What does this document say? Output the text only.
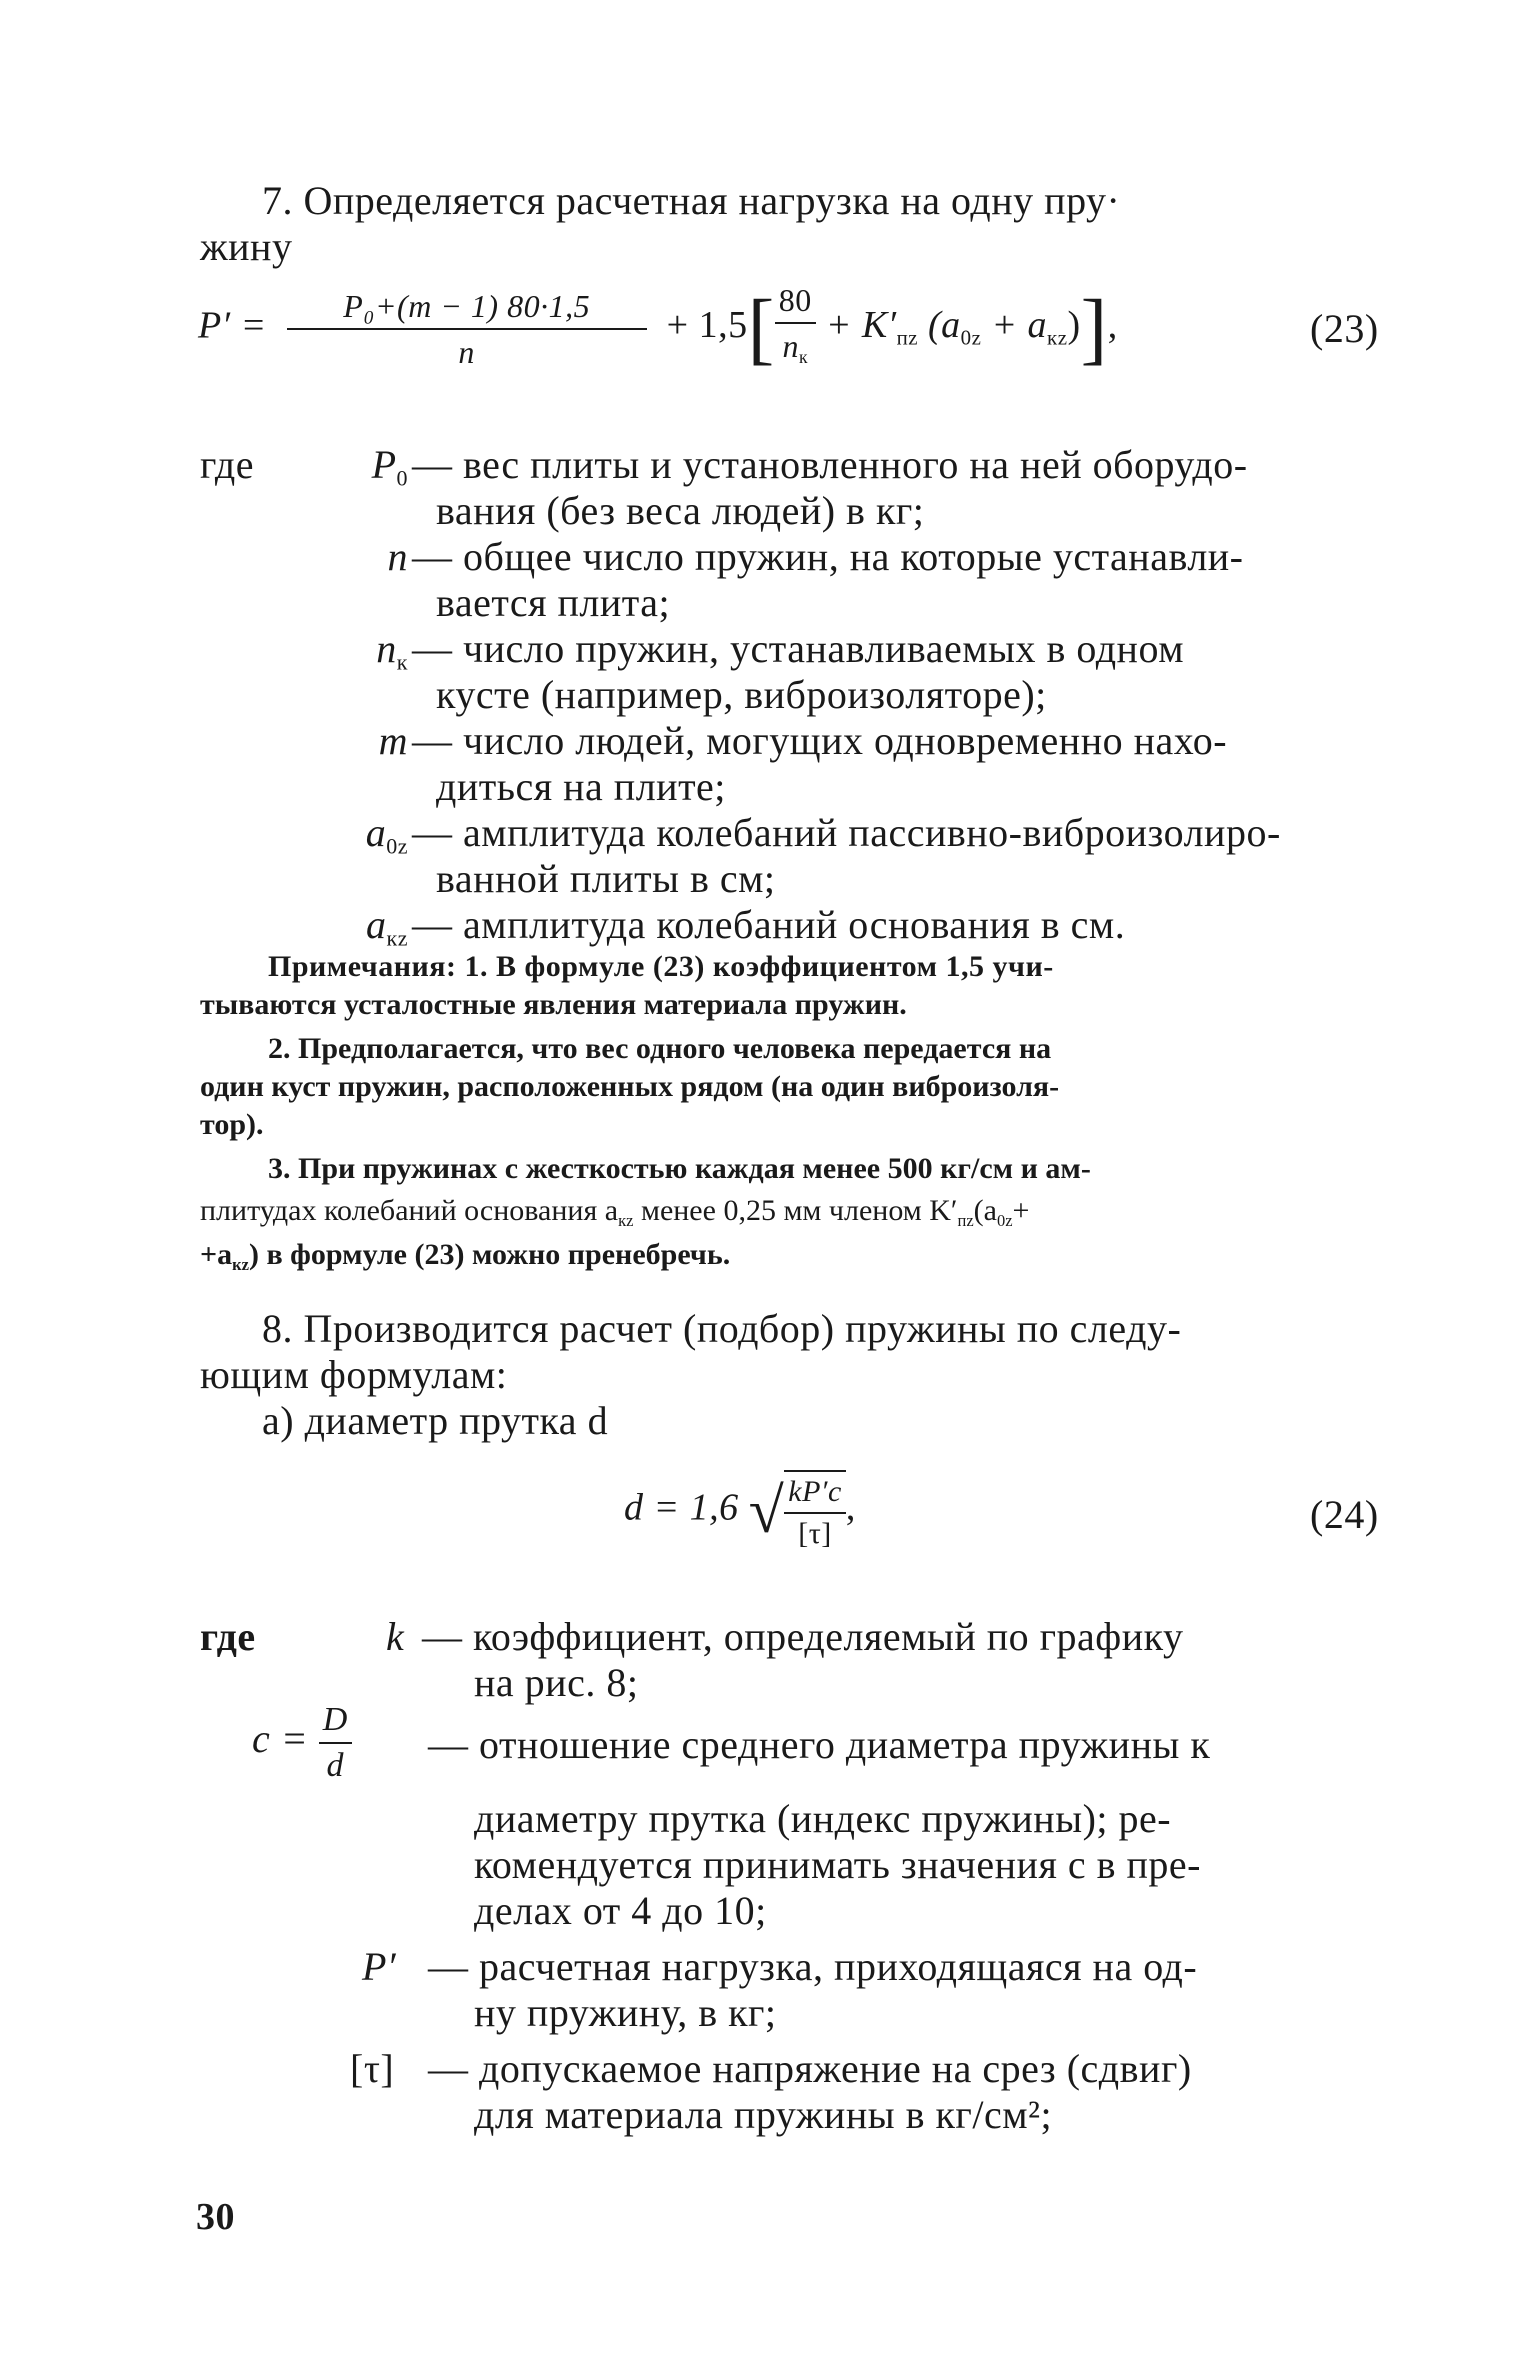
7. Определяется расчетная нагрузка на одну пру·
жину
$P' = \frac{\text{P₀+(m − 1) 80·1,5}}{n} + 1,5[ \frac{80}{n_к} + K'_{пz}$ $(a_{0z} + a_{кz})$],	(23)
где	$P_0$ — вес плиты и установленного на ней оборудо-
вания (без веса людей) в кг;
n — общее число пружин, на которые устанавли-
вается плита;
$n_к$ — число пружин, устанавливаемых в одном
кусте (например, виброизоляторе);
m — число людей, могущих одновременно нахо-
диться на плите;
$a_{0z}$ — амплитуда колебаний пассивно-виброизолиро-
ванной плиты в см;
$a_{кz}$ — амплитуда колебаний основания в см.
Примечания: 1. В формуле (23) коэффициентом 1,5 учи-
тываются усталостные явления материала пружин.
2. Предполагается, что вес одного человека передается на
один куст пружин, расположенных рядом (на один виброизоля-
тор).
3. При пружинах с жесткостью каждая менее 500 кг/см и ам-
плитудах колебаний основания $a_{кz}$ менее 0,25 мм членом $K'_{пz}(a_{0z}+$
$+a_{кz}$) в формуле (23) можно пренебречь.
8. Производится расчет (подбор) пружины по следу-
ющим формулам:
а) диаметр прутка d
d = 1,6 √ $\frac{kP'c}{[\tau]}$ ,	(24)
где	k — коэффициент, определяемый по графику
на рис. 8;
$c = \frac{D}{d}$ — отношение среднего диаметра пружины к
диаметру прутка (индекс пружины); ре-
комендуется принимать значения c в пре-
делах от 4 до 10;
P′ — расчетная нагрузка, приходящаяся на од-
ну пружину, в кг;
[τ] — допускаемое напряжение на срез (сдвиг)
для материала пружины в кг/см²;
30
